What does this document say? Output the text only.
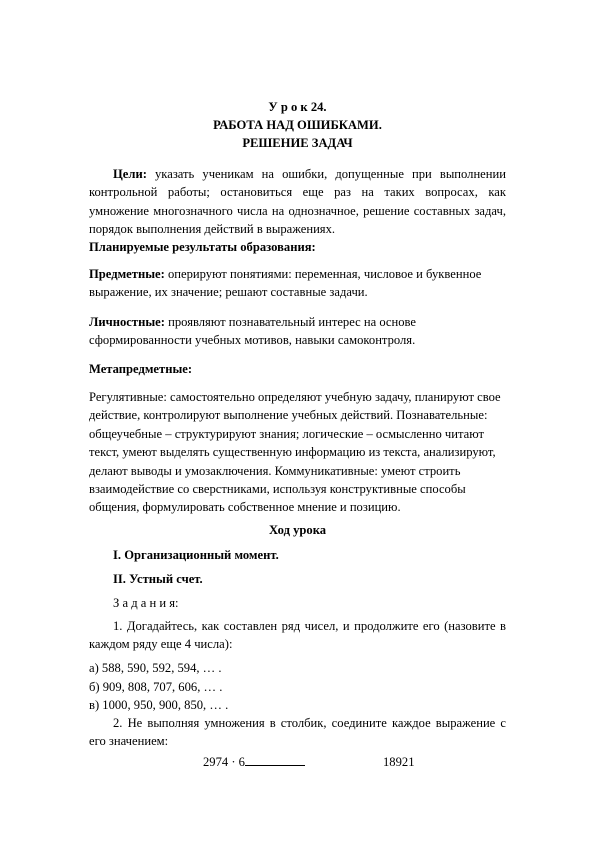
У р о к 24.
РАБОТА НАД ОШИБКАМИ.
РЕШЕНИЕ ЗАДАЧ
Цели: указать ученикам на ошибки, допущенные при выполнении контрольной работы; остановиться еще раз на таких вопросах, как умножение многозначного числа на однозначное, решение составных задач, порядок выполнения действий в выражениях.
Планируемые результаты образования:
Предметные: оперируют понятиями: переменная, числовое и буквенное
выражение, их значение; решают составные задачи.
Личностные: проявляют познавательный интерес на основе
сформированности учебных мотивов, навыки самоконтроля.
Метапредметные:
Регулятивные: самостоятельно определяют учебную задачу, планируют свое
действие, контролируют выполнение учебных действий. Познавательные:
общеучебные – структурируют знания; логические – осмысленно читают
текст, умеют выделять существенную информацию из текста, анализируют,
делают выводы и умозаключения. Коммуникативные: умеют строить
взаимодействие со сверстниками, используя конструктивные способы
общения, формулировать собственное мнение и позицию.
Ход урока
I. Организационный момент.
II. Устный счет.
З а д а н и я:
1. Догадайтесь, как составлен ряд чисел, и продолжите его (назовите в каждом ряду еще 4 числа):
а) 588, 590, 592, 594, … .
б) 909, 808, 707, 606, … .
в) 1000, 950, 900, 850, … .
2. Не выполняя умножения в столбик, соедините каждое выражение с его значением:
2974 · 6	18921
